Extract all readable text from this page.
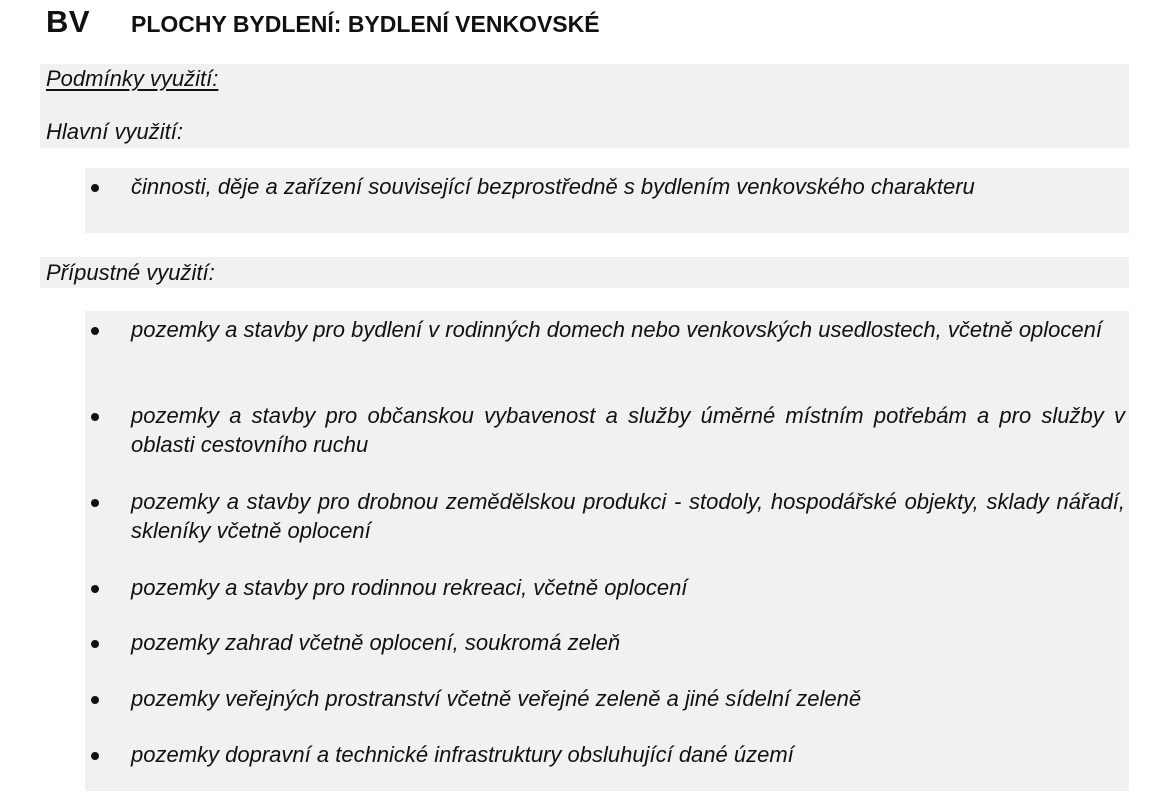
BV PLOCHY BYDLENÍ: BYDLENÍ VENKOVSKÉ
Podmínky využití:
Hlavní využití:
činnosti, děje a zařízení související bezprostředně s bydlením venkovského charakteru
Přípustné využití:
pozemky a stavby pro bydlení v rodinných domech nebo venkovských usedlostech, včetně oplocení
pozemky a stavby pro občanskou vybavenost a služby úměrné místním potřebám a pro služby v oblasti cestovního ruchu
pozemky a stavby pro drobnou zemědělskou produkci - stodoly, hospodářské objekty, sklady nářadí, skleníky včetně oplocení
pozemky a stavby pro rodinnou rekreaci, včetně oplocení
pozemky zahrad včetně oplocení, soukromá zeleň
pozemky veřejných prostranství včetně veřejné zeleně a jiné sídelní zeleně
pozemky dopravní a technické infrastruktury obsluhující dané území
